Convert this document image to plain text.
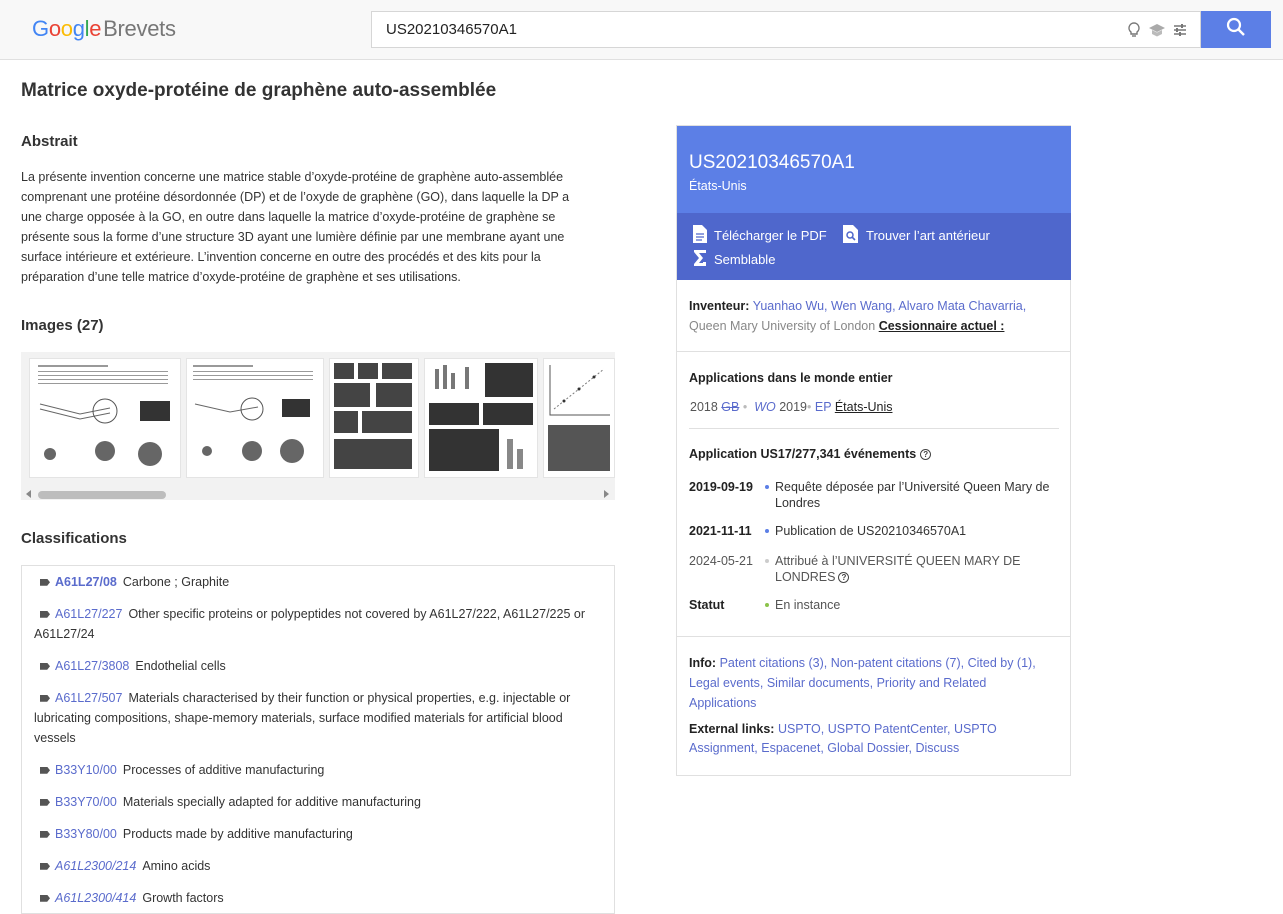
GoogleBrevets
US20210346570A1
Matrice oxyde-protéine de graphène auto-assemblée
Abstrait

La présente invention concerne une matrice stable d’oxyde-protéine de graphène auto-assemblée comprenant une protéine désordonnée (DP) et de l’oxyde de graphène (GO), dans laquelle la DP a une charge opposée à la GO, en outre dans laquelle la matrice d’oxyde-protéine de graphène se présente sous la forme d’une structure 3D ayant une lumière définie par une membrane ayant une surface intérieure et extérieure. L’invention concerne en outre des procédés et des kits pour la préparation d’une telle matrice d’oxyde-protéine de graphène et ses utilisations.

Images (27)
Classifications
A61L27/08 Carbone ; Graphite
A61L27/227 Other specific proteins or polypeptides not covered by A61L27/222, A61L27/225 or A61L27/24
A61L27/3808 Endothelial cells
A61L27/507 Materials characterised by their function or physical properties, e.g. injectable or lubricating compositions, shape-memory materials, surface modified materials for artificial blood vessels
B33Y10/00 Processes of additive manufacturing
B33Y70/00 Materials specially adapted for additive manufacturing
B33Y80/00 Products made by additive manufacturing
A61L2300/214 Amino acids
A61L2300/414 Growth factors
US20210346570A1
États-Unis
Télécharger le PDF	Trouver l’art antérieur
Semblable
Inventeur: Yuanhao Wu, Wen Wang, Alvaro Mata Chavarria, Queen Mary University of London Cessionnaire actuel :
Applications dans le monde entier
2018 GB • WO 2019• EP États-Unis
Application US17/277,341 événements ?
2019-09-19 Requête déposée par l’Université Queen Mary de Londres
2021-11-11 Publication de US20210346570A1
2024-05-21 Attribué à l’UNIVERSITÉ QUEEN MARY DE LONDRES ?
Statut	En instance
Info: Patent citations (3), Non-patent citations (7), Cited by (1), Legal events, Similar documents, Priority and Related Applications
External links: USPTO, USPTO PatentCenter, USPTO Assignment, Espacenet, Global Dossier, Discuss
